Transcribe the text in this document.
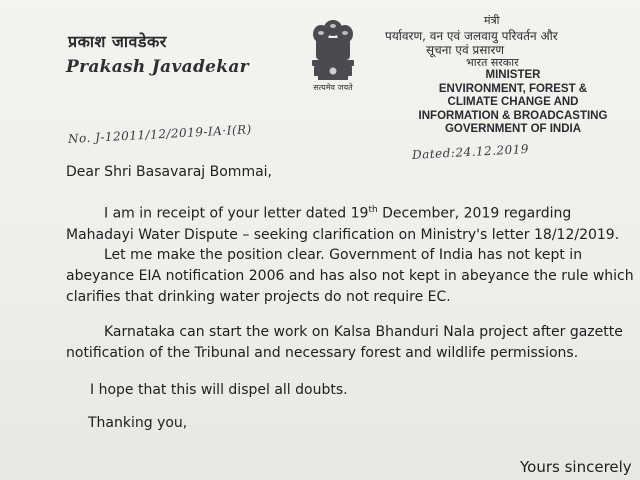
प्रकाश जावडेकर
Prakash Javadekar
सत्यमेव जयते
मंत्री
पर्यावरण, वन एवं जलवायु परिवर्तन और
सूचना एवं प्रसारण
भारत सरकार
MINISTER
ENVIRONMENT, FOREST &
CLIMATE CHANGE AND
INFORMATION & BROADCASTING
GOVERNMENT OF INDIA
No. J-12011/12/2019-IA·I(R)
Dated:24.12.2019
Dear Shri Basavaraj Bommai,
I am in receipt of your letter dated 19th December, 2019 regarding
Mahadayi Water Dispute – seeking clarification on Ministry's letter 18/12/2019.
Let me make the position clear. Government of India has not kept in
abeyance EIA notification 2006 and has also not kept in abeyance the rule which
clarifies that drinking water projects do not require EC.
Karnataka can start the work on Kalsa Bhanduri Nala project after gazette
notification of the Tribunal and necessary forest and wildlife permissions.
I hope that this will dispel all doubts.
Thanking you,
Yours sincerely
